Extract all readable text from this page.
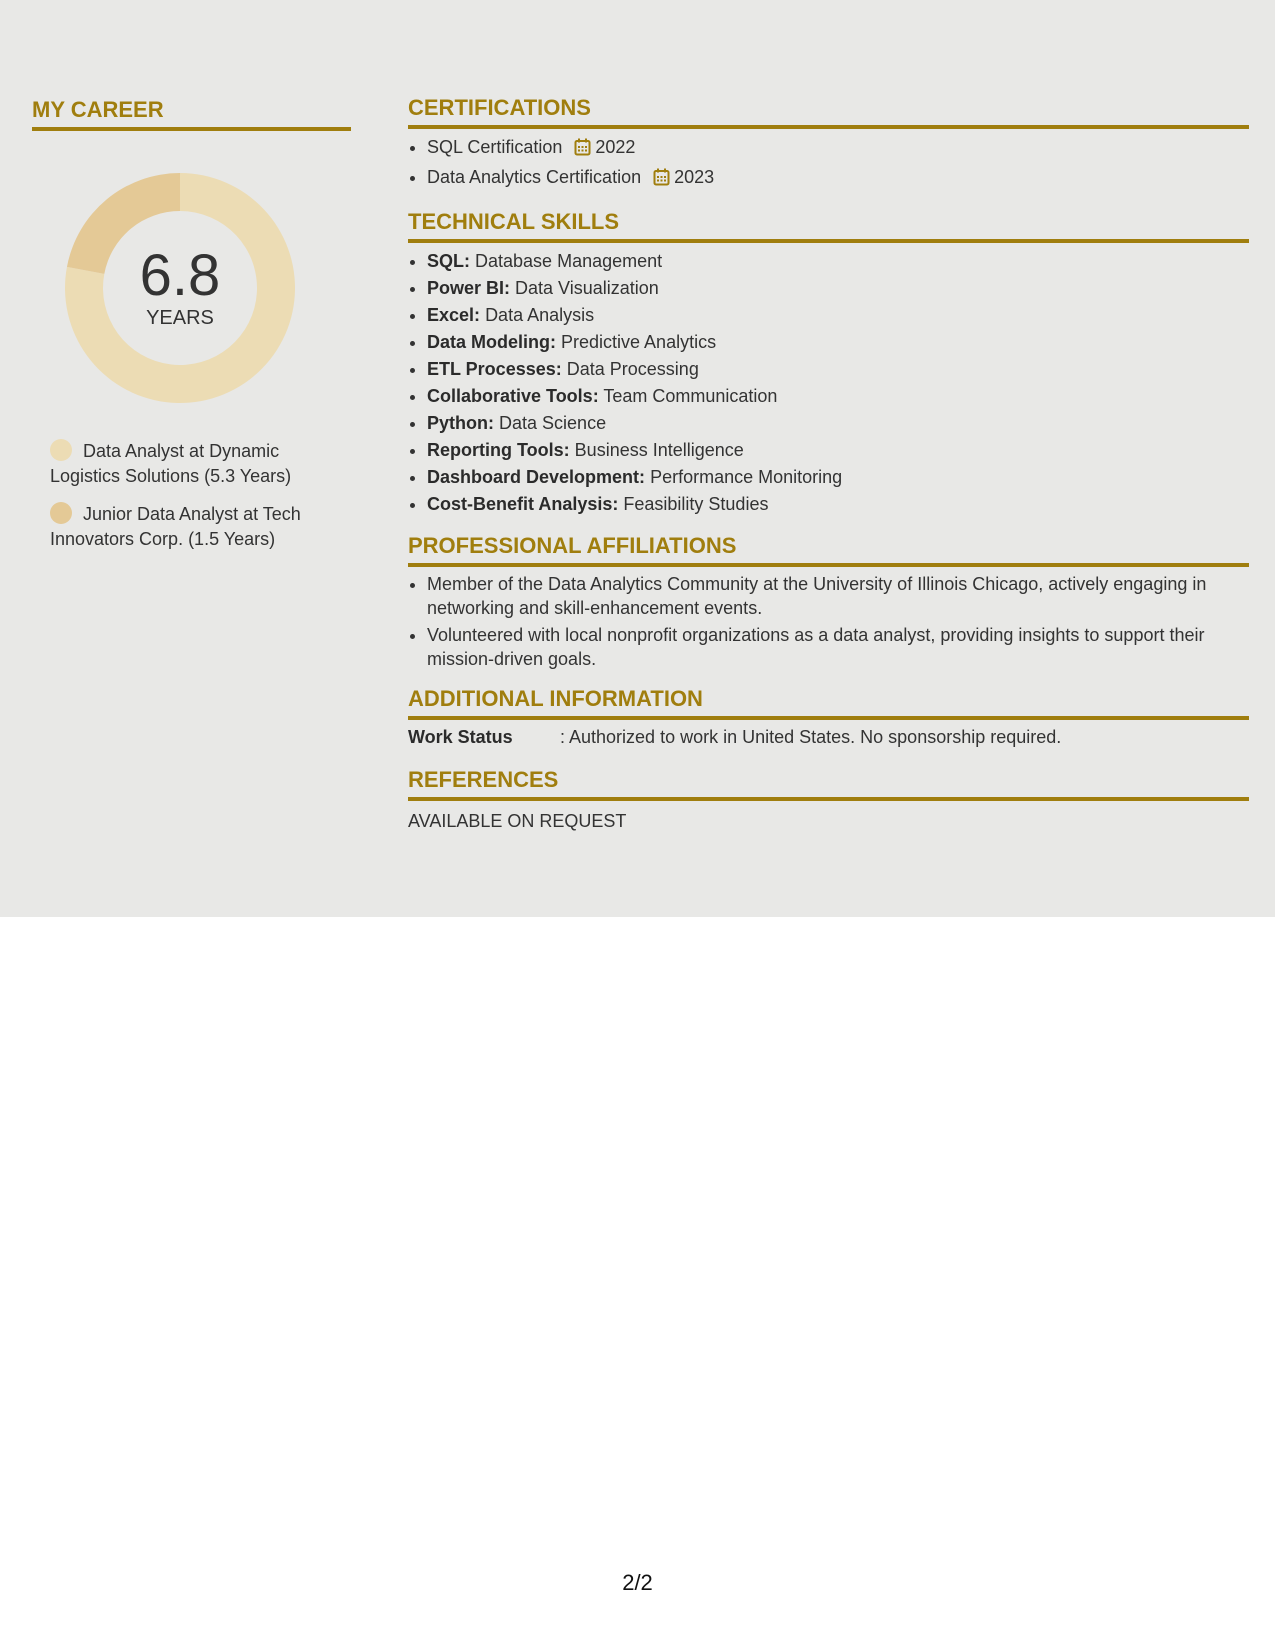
MY CAREER
6.8
YEARS
Data Analyst at Dynamic Logistics Solutions (5.3 Years)
Junior Data Analyst at Tech Innovators Corp. (1.5 Years)
CERTIFICATIONS
• SQL Certification 2022
• Data Analytics Certification 2023
TECHNICAL SKILLS
• SQL: Database Management
• Power BI: Data Visualization
• Excel: Data Analysis
• Data Modeling: Predictive Analytics
• ETL Processes: Data Processing
• Collaborative Tools: Team Communication
• Python: Data Science
• Reporting Tools: Business Intelligence
• Dashboard Development: Performance Monitoring
• Cost-Benefit Analysis: Feasibility Studies
PROFESSIONAL AFFILIATIONS
• Member of the Data Analytics Community at the University of Illinois Chicago, actively engaging in networking and skill-enhancement events.
• Volunteered with local nonprofit organizations as a data analyst, providing insights to support their mission-driven goals.
ADDITIONAL INFORMATION
Work Status	: Authorized to work in United States. No sponsorship required.
REFERENCES
AVAILABLE ON REQUEST
2/2
